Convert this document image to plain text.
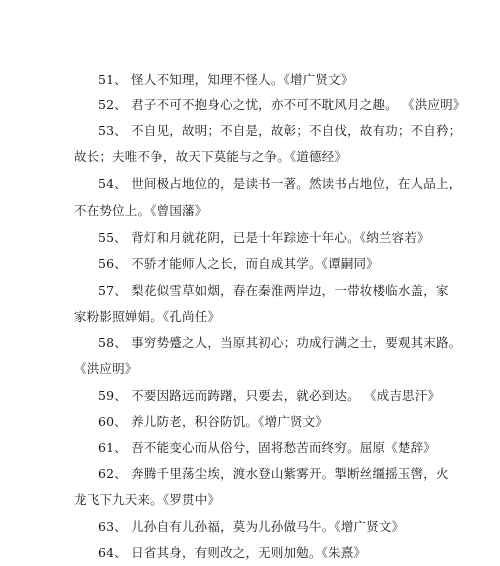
51、 怪人不知理，知理不怪人。《增广贤文》
52、 君子不可不抱身心之忧，亦不可不耽风月之趣。 《洪应明》
53、 不自见，故明；不自是，故彰；不自伐，故有功；不自矜；
故长；夫唯不争，故天下莫能与之争。《道德经》
54、 世间极占地位的，是读书一著。然读书占地位，在人品上，
不在势位上。《曾国藩》
55、 背灯和月就花阴，已是十年踪迹十年心。《纳兰容若》
56、 不骄才能师人之长，而自成其学。《谭嗣同》
57、 梨花似雪草如烟，春在秦淮两岸边，一带妆楼临水盖，家
家粉影照婵娟。《孔尚任》
58、 事穷势蹙之人，当原其初心；功成行满之士，要观其末路。
《洪应明》
59、 不要因路远而踌躇，只要去，就必到达。 《成吉思汗》
60、 养儿防老，积谷防饥。《增广贤文》
61、 吾不能变心而从俗兮，固将愁苦而终穷。屈原《楚辞》
62、 奔腾千里荡尘埃，渡水登山紫雾开。掣断丝缰摇玉辔，火
龙飞下九天来。《罗贯中》
63、 儿孙自有儿孙福，莫为儿孙做马牛。《增广贤文》
64、 日省其身，有则改之，无则加勉。《朱熹》
